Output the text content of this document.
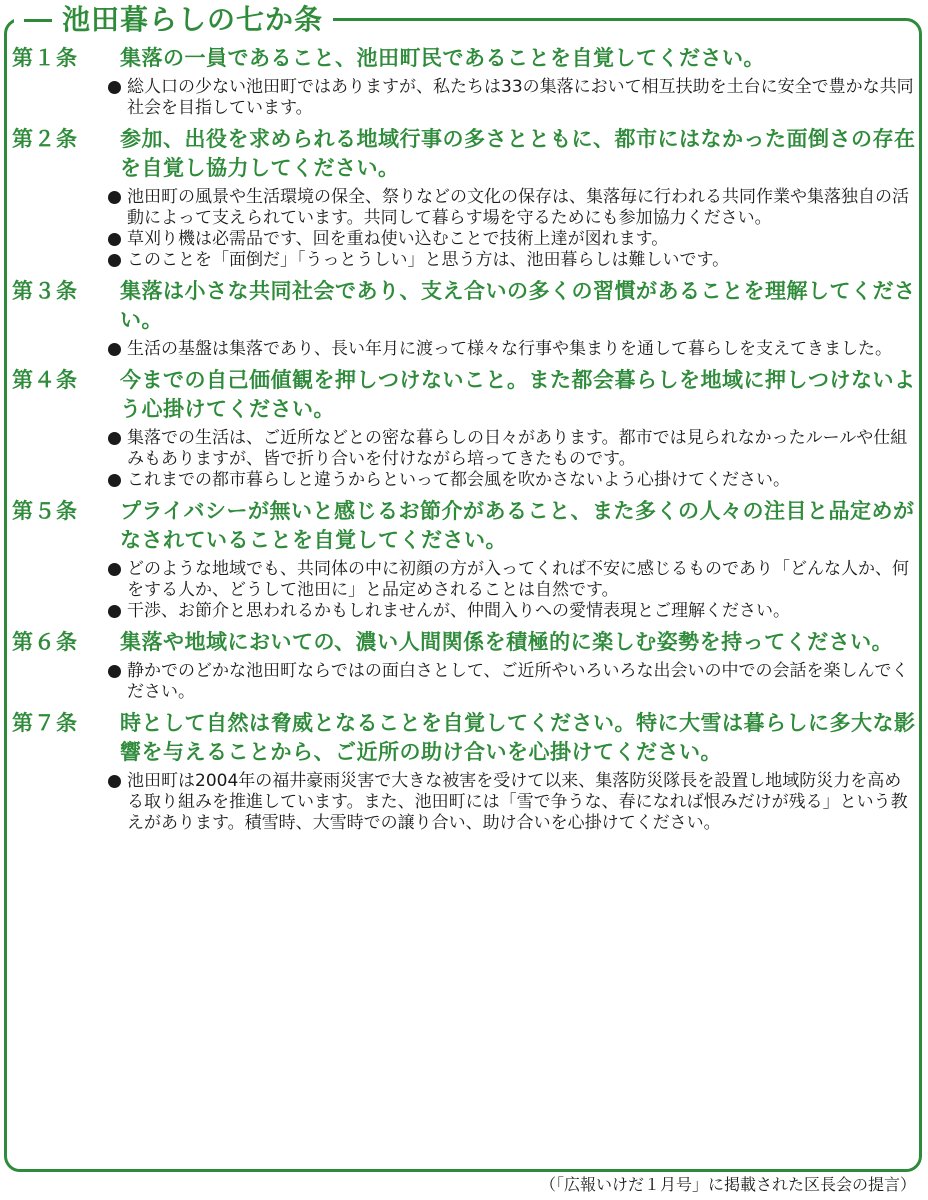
池田暮らしの七か条
第１条	集落の一員であること、池田町民であることを自覚してください。
総人口の少ない池田町ではありますが、私たちは33の集落において相互扶助を土台に安全で豊かな共同社会を目指しています。
第２条	参加、出役を求められる地域行事の多さとともに、都市にはなかった面倒さの存在を自覚し協力してください。
池田町の風景や生活環境の保全、祭りなどの文化の保存は、集落毎に行われる共同作業や集落独自の活動によって支えられています。共同して暮らす場を守るためにも参加協力ください。
草刈り機は必需品です、回を重ね使い込むことで技術上達が図れます。
このことを「面倒だ」「うっとうしい」と思う方は、池田暮らしは難しいです。
第３条	集落は小さな共同社会であり、支え合いの多くの習慣があることを理解してください。
生活の基盤は集落であり、長い年月に渡って様々な行事や集まりを通して暮らしを支えてきました。
第４条	今までの自己価値観を押しつけないこと。また都会暮らしを地域に押しつけないよう心掛けてください。
集落での生活は、ご近所などとの密な暮らしの日々があります。都市では見られなかったルールや仕組みもありますが、皆で折り合いを付けながら培ってきたものです。
これまでの都市暮らしと違うからといって都会風を吹かさないよう心掛けてください。
第５条	プライバシーが無いと感じるお節介があること、また多くの人々の注目と品定めがなされていることを自覚してください。
どのような地域でも、共同体の中に初顔の方が入ってくれば不安に感じるものであり「どんな人か、何をする人か、どうして池田に」と品定めされることは自然です。
干渉、お節介と思われるかもしれませんが、仲間入りへの愛情表現とご理解ください。
第６条	集落や地域においての、濃い人間関係を積極的に楽しむ姿勢を持ってください。
静かでのどかな池田町ならではの面白さとして、ご近所やいろいろな出会いの中での会話を楽しんでください。
第７条	時として自然は脅威となることを自覚してください。特に大雪は暮らしに多大な影響を与えることから、ご近所の助け合いを心掛けてください。
池田町は2004年の福井豪雨災害で大きな被害を受けて以来、集落防災隊長を設置し地域防災力を高める取り組みを推進しています。また、池田町には「雪で争うな、春になれば恨みだけが残る」という教えがあります。積雪時、大雪時での譲り合い、助け合いを心掛けてください。
（「広報いけだ１月号」に掲載された区長会の提言）
